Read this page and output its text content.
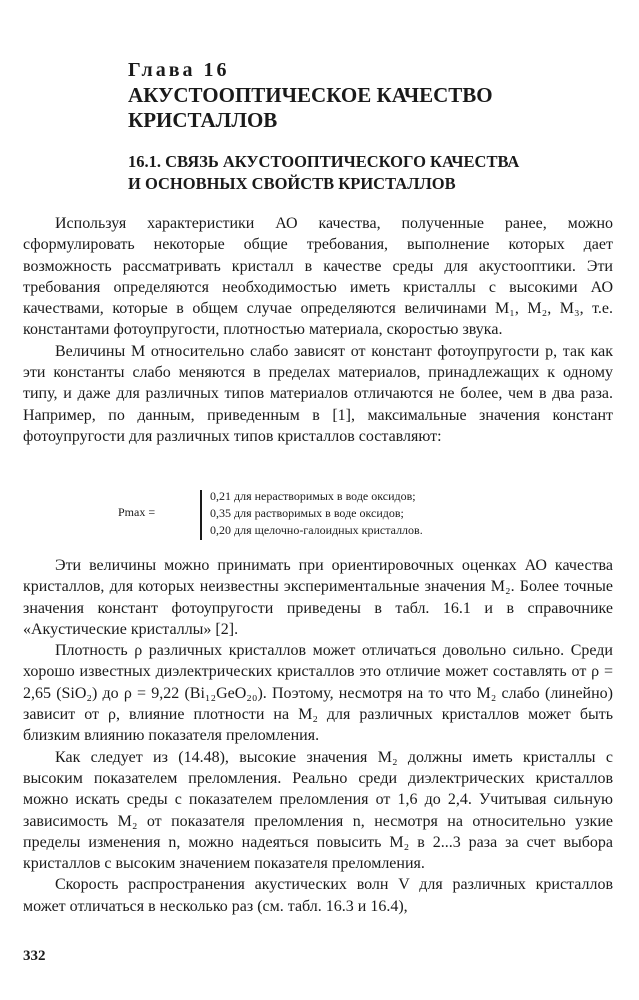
Глава 16
АКУСТООПТИЧЕСКОЕ КАЧЕСТВО
КРИСТАЛЛОВ
16.1. СВЯЗЬ АКУСТООПТИЧЕСКОГО КАЧЕСТВА
И ОСНОВНЫХ СВОЙСТВ КРИСТАЛЛОВ

Используя характеристики АО качества, полученные ранее, можно сформулировать некоторые общие требования, выполнение которых дает возможность рассматривать кристалл в качестве среды для акустооптики. Эти требования определяются необходимостью иметь кристаллы с высокими АО качествами, которые в общем случае определяются величинами M₁, M₂, M₃, т.е. константами фотоупругости, плотностью материала, скоростью звука.

Величины M относительно слабо зависят от констант фотоупругости p, так как эти константы слабо меняются в пределах материалов, принадлежащих к одному типу, и даже для различных типов материалов отличаются не более, чем в два раза. Например, по данным, приведенным в [1], максимальные значения констант фотоупругости для различных типов кристаллов составляют:

Pmax =
0,21 для нерастворимых в воде оксидов;
0,35 для растворимых в воде оксидов;
0,20 для щелочно-галоидных кристаллов.

Эти величины можно принимать при ориентировочных оценках АО качества кристаллов, для которых неизвестны экспериментальные значения M₂. Более точные значения констант фотоупругости приведены в табл. 16.1 и в справочнике «Акустические кристаллы» [2].

Плотность ρ различных кристаллов может отличаться довольно сильно. Среди хорошо известных диэлектрических кристаллов это отличие может составлять от ρ = 2,65 (SiO₂) до ρ = 9,22 (Bi₁₂GeO₂₀). Поэтому, несмотря на то что M₂ слабо (линейно) зависит от ρ, влияние плотности на M₂ для различных кристаллов может быть близким влиянию показателя преломления.

Как следует из (14.48), высокие значения M₂ должны иметь кристаллы с высоким показателем преломления. Реально среди диэлектрических кристаллов можно искать среды с показателем преломления от 1,6 до 2,4. Учитывая сильную зависимость M₂ от показателя преломления n, несмотря на относительно узкие пределы изменения n, можно надеяться повысить M₂ в 2...3 раза за счет выбора кристаллов с высоким значением показателя преломления.

Скорость распространения акустических волн V для различных кристаллов может отличаться в несколько раз (см. табл. 16.3 и 16.4),

332
